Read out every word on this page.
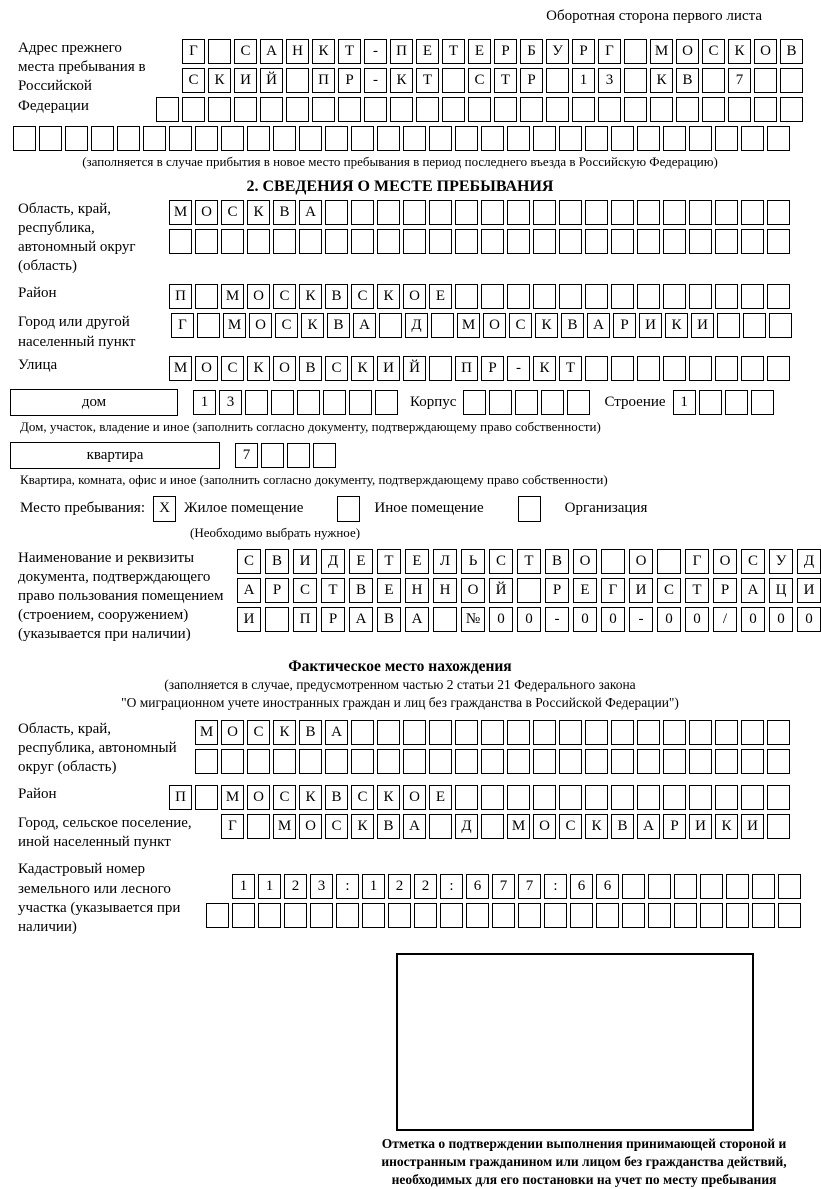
Оборотная сторона первого листа
Адрес прежнего места пребывания в Российской Федерации
Г	С	А	Н	К	Т	-	П	Е	Т	Е	Р	Б	У	Р	Г	М О	С	К	О	В
С	К	И	Й	П	Р	-	К	Т	С	Т	Р	1	3	К	В	7
(заполняется в случае прибытия в новое место пребывания в период последнего въезда в Российскую Федерацию)
2. СВЕДЕНИЯ О МЕСТЕ ПРЕБЫВАНИЯ
Область, край, республика, автономный округ (область)
М О	С	К	В	А
Район	П	М О	С	К	В	С	К	О	Е
Город или другой населенный пункт
Г	М О	С	К	В	А	Д	М О	С	К	В	А	Р	И	К	И
Улица	М О	С	К	О	В	С	К	И	Й	П	Р	-	К	Т
дом	1	3	Корпус	Строение 1
Дом, участок, владение и иное (заполнить согласно документу, подтверждающему право собственности)
квартира	7
Квартира, комната, офис и иное (заполнить согласно документу, подтверждающему право собственности)
Место пребывания: X Жилое помещение	Иное помещение	Организация
(Необходимо выбрать нужное)
Наименование и реквизиты документа, подтверждающего право пользования помещением (строением, сооружением) (указывается при наличии)
С	В	И	Д	Е	Т	Е	Л	Ь	С	Т	В	О	О	Г	О	С	У	Д
А	Р	С	Т	В	Е	Н	Н	О	Й	Р	Е	Г	И	С	Т	Р	А	Ц	И
И	П	Р	А	В	А	№	0	0	-	0	0	-	0	0	/	0	0	0
Фактическое место нахождения
(заполняется в случае, предусмотренном частью 2 статьи 21 Федерального закона
"О миграционном учете иностранных граждан и лиц без гражданства в Российской Федерации")
Область, край, республика, автономный округ (область)
М О	С	К	В	А
Район	П	М О	С	К	В	С	К	О	Е
Город, сельское поселение, иной населенный пункт
Г	М О	С	К	В	А	Д	М О	С	К	В	А	Р	И	К	И
Кадастровый номер земельного или лесного участка (указывается при наличии)
1	1	2	3	:	1	2	2	:	6	7	7	:	6	6
Отметка о подтверждении выполнения принимающей стороной и иностранным гражданином или лицом без гражданства действий, необходимых для его постановки на учет по месту пребывания
